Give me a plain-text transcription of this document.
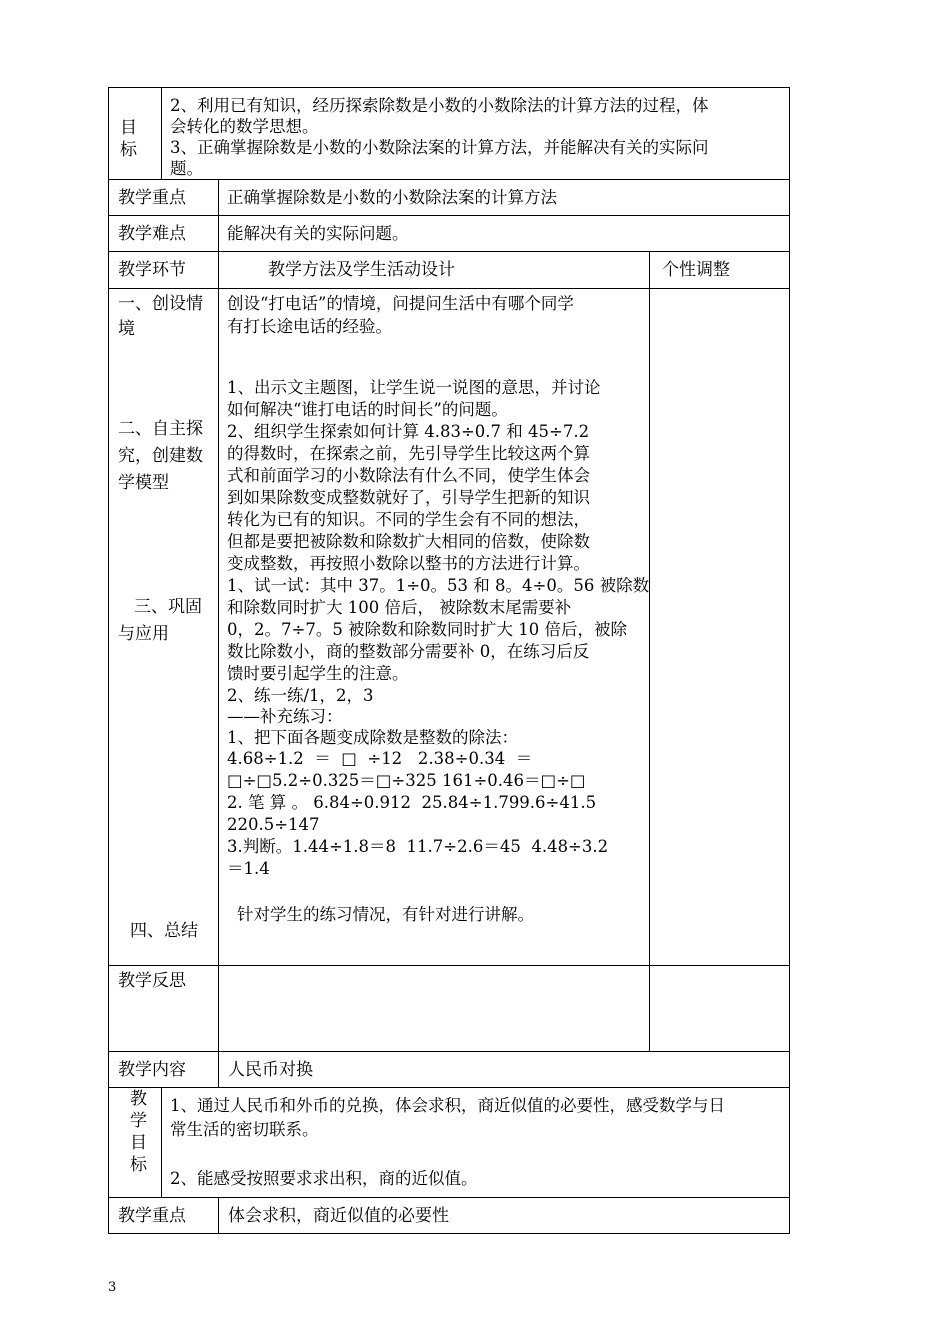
目
标
2、利用已有知识，经历探索除数是小数的小数除法的计算方法的过程，体
会转化的数学思想。
3、正确掌握除数是小数的小数除法案的计算方法，并能解决有关的实际问
题。
教学重点 正确掌握除数是小数的小数除法案的计算方法
教学难点 能解决有关的实际问题。
教学环节	教学方法及学生活动设计	个性调整
一、创设情
境
二、自主探
究，创建数
学模型
三、巩固
与应用
四、总结
创设“打电话”的情境，问提问生活中有哪个同学
有打长途电话的经验。
1、出示文主题图，让学生说一说图的意思，并讨论
如何解决“谁打电话的时间长”的问题。
2、组织学生探索如何计算 4.83÷0.7 和 45÷7.2
的得数时，在探索之前，先引导学生比较这两个算
式和前面学习的小数除法有什么不同，使学生体会
到如果除数变成整数就好了，引导学生把新的知识
转化为已有的知识。不同的学生会有不同的想法，
但都是要把被除数和除数扩大相同的倍数，使除数
变成整数，再按照小数除以整书的方法进行计算。
1、试一试：其中 37。1÷0。53 和 8。4÷0。56 被除数
和除数同时扩大 100 倍后， 被除数末尾需要补
0，2。7÷7。5 被除数和除数同时扩大 10 倍后，被除
数比除数小，商的整数部分需要补 0，在练习后反
馈时要引起学生的注意。
2、练一练/1，2，3
——补充练习：
1、把下面各题变成除数是整数的除法：
4.68÷1.2  ＝  □  ÷12   2.38÷0.34  ＝
□÷□5.2÷0.325＝□÷325 161÷0.46＝□÷□
2. 笔 算 。 6.84÷0.912  25.84÷1.799.6÷41.5
220.5÷147
3.判断。1.44÷1.8＝8  11.7÷2.6＝45  4.48÷3.2
＝1.4
针对学生的练习情况，有针对进行讲解。
教学反思
教学内容 人民币对换
教
学
目
标
1、通过人民币和外币的兑换，体会求积，商近似值的必要性，感受数学与日
常生活的密切联系。
2、能感受按照要求求出积，商的近似值。
教学重点 体会求积，商近似值的必要性
3
